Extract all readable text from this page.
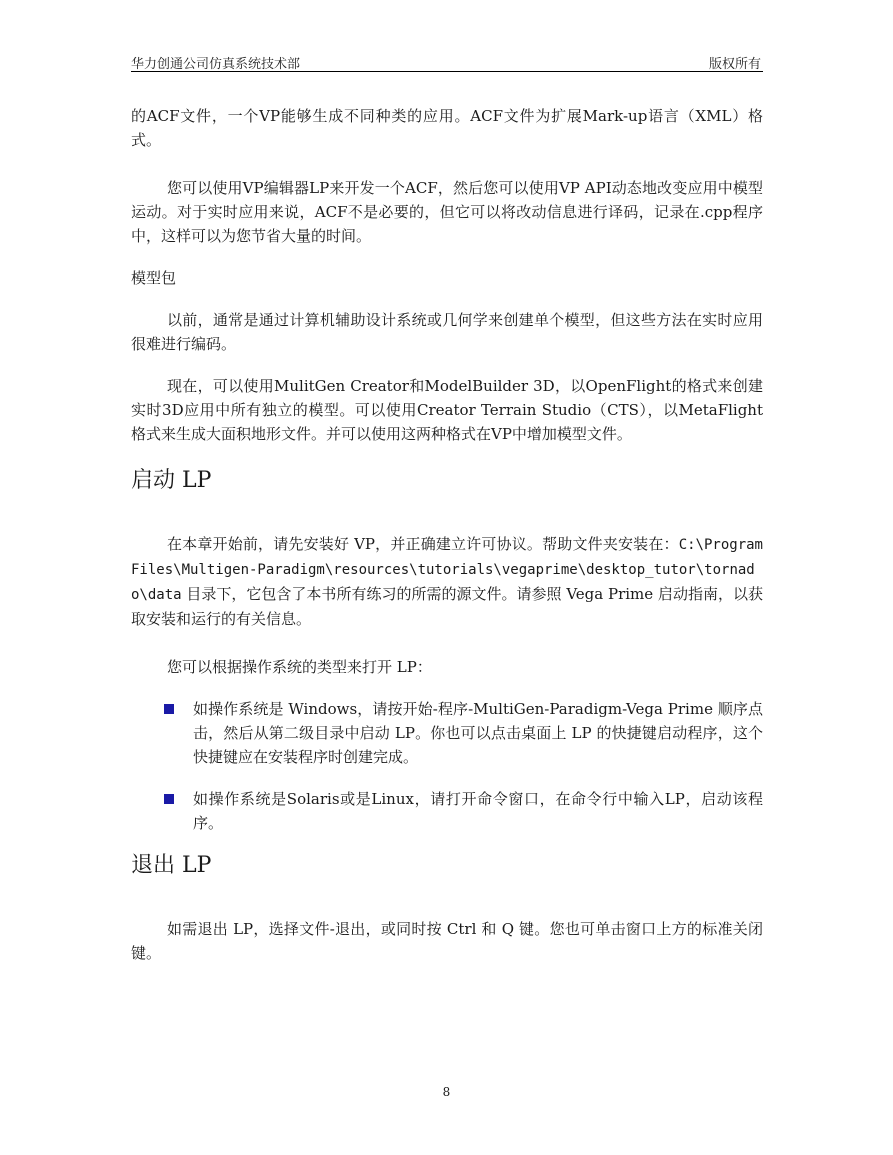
华力创通公司仿真系统技术部	版权所有

的ACF文件，一个VP能够生成不同种类的应用。ACF文件为扩展Mark-up语言（XML）格式。

您可以使用VP编辑器LP来开发一个ACF，然后您可以使用VP API动态地改变应用中模型运动。对于实时应用来说，ACF不是必要的，但它可以将改动信息进行译码，记录在.cpp程序中，这样可以为您节省大量的时间。

模型包

以前，通常是通过计算机辅助设计系统或几何学来创建单个模型，但这些方法在实时应用很难进行编码。

现在，可以使用MulitGen Creator和ModelBuilder 3D，以OpenFlight的格式来创建实时3D应用中所有独立的模型。可以使用Creator Terrain Studio（CTS），以MetaFlight格式来生成大面积地形文件。并可以使用这两种格式在VP中增加模型文件。

启动 LP

在本章开始前，请先安装好 VP，并正确建立许可协议。帮助文件夹安装在：C:\ProgramFiles\Multigen-Paradigm\resources\tutorials\vegaprime\desktop_tutor\tornado\data 目录下，它包含了本书所有练习的所需的源文件。请参照 Vega Prime 启动指南，以获取安装和运行的有关信息。

您可以根据操作系统的类型来打开 LP：

如操作系统是 Windows，请按开始-程序-MultiGen-Paradigm-Vega Prime 顺序点击，然后从第二级目录中启动 LP。你也可以点击桌面上 LP 的快捷键启动程序，这个快捷键应在安装程序时创建完成。
如操作系统是Solaris或是Linux，请打开命令窗口，在命令行中输入LP，启动该程序。
退出 LP

如需退出 LP，选择文件-退出，或同时按 Ctrl 和 Q 键。您也可单击窗口上方的标准关闭键。

8
